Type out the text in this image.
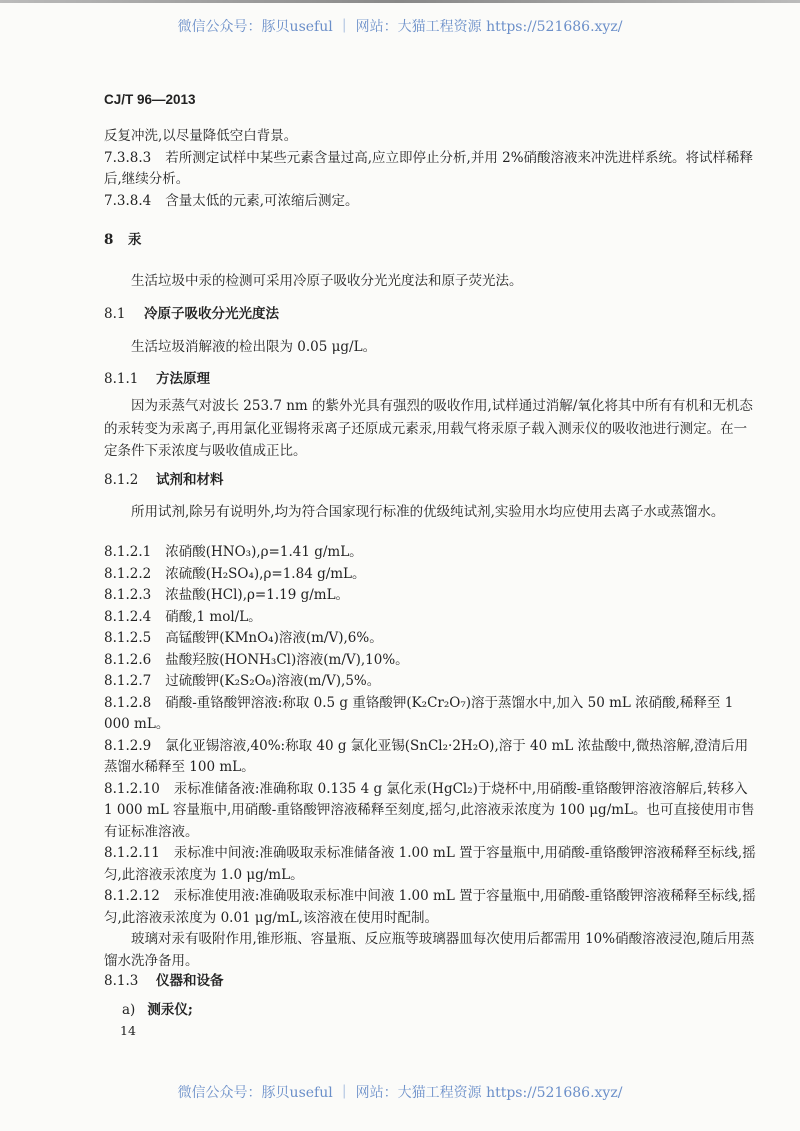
微信公众号：豚贝useful ｜ 网站：大猫工程资源 https://521686.xyz/
CJ/T 96—2013

反复冲洗,以尽量降低空白背景。

7.3.8.3 若所测定试样中某些元素含量过高,应立即停止分析,并用 2%硝酸溶液来冲洗进样系统。将试样稀释后,继续分析。

7.3.8.4 含量太低的元素,可浓缩后测定。

8 汞
生活垃圾中汞的检测可采用冷原子吸收分光光度法和原子荧光法。
8.1 冷原子吸收分光光度法
生活垃圾消解液的检出限为 0.05 μg/L。
8.1.1 方法原理
因为汞蒸气对波长 253.7 nm 的紫外光具有强烈的吸收作用,试样通过消解/氧化将其中所有有机和无机态的汞转变为汞离子,再用氯化亚锡将汞离子还原成元素汞,用载气将汞原子载入测汞仪的吸收池进行测定。在一定条件下汞浓度与吸收值成正比。
8.1.2 试剂和材料
所用试剂,除另有说明外,均为符合国家现行标准的优级纯试剂,实验用水均应使用去离子水或蒸馏水。

8.1.2.1 浓硝酸(HNO₃),ρ=1.41 g/mL。

8.1.2.2 浓硫酸(H₂SO₄),ρ=1.84 g/mL。

8.1.2.3 浓盐酸(HCl),ρ=1.19 g/mL。

8.1.2.4 硝酸,1 mol/L。

8.1.2.5 高锰酸钾(KMnO₄)溶液(m/V),6%。

8.1.2.6 盐酸羟胺(HONH₃Cl)溶液(m/V),10%。

8.1.2.7 过硫酸钾(K₂S₂O₈)溶液(m/V),5%。

8.1.2.8 硝酸-重铬酸钾溶液:称取 0.5 g 重铬酸钾(K₂Cr₂O₇)溶于蒸馏水中,加入 50 mL 浓硝酸,稀释至 1 000 mL。

8.1.2.9 氯化亚锡溶液,40%:称取 40 g 氯化亚锡(SnCl₂·2H₂O),溶于 40 mL 浓盐酸中,微热溶解,澄清后用蒸馏水稀释至 100 mL。

8.1.2.10 汞标准储备液:准确称取 0.135 4 g 氯化汞(HgCl₂)于烧杯中,用硝酸-重铬酸钾溶液溶解后,转移入 1 000 mL 容量瓶中,用硝酸-重铬酸钾溶液稀释至刻度,摇匀,此溶液汞浓度为 100 μg/mL。也可直接使用市售有证标准溶液。

8.1.2.11 汞标准中间液:准确吸取汞标准储备液 1.00 mL 置于容量瓶中,用硝酸-重铬酸钾溶液稀释至标线,摇匀,此溶液汞浓度为 1.0 μg/mL。

8.1.2.12 汞标准使用液:准确吸取汞标准中间液 1.00 mL 置于容量瓶中,用硝酸-重铬酸钾溶液稀释至标线,摇匀,此溶液汞浓度为 0.01 μg/mL,该溶液在使用时配制。

玻璃对汞有吸附作用,锥形瓶、容量瓶、反应瓶等玻璃器皿每次使用后都需用 10%硝酸溶液浸泡,随后用蒸馏水洗净备用。

8.1.3 仪器和设备
a) 测汞仪;
14
微信公众号：豚贝useful ｜ 网站：大猫工程资源 https://521686.xyz/
